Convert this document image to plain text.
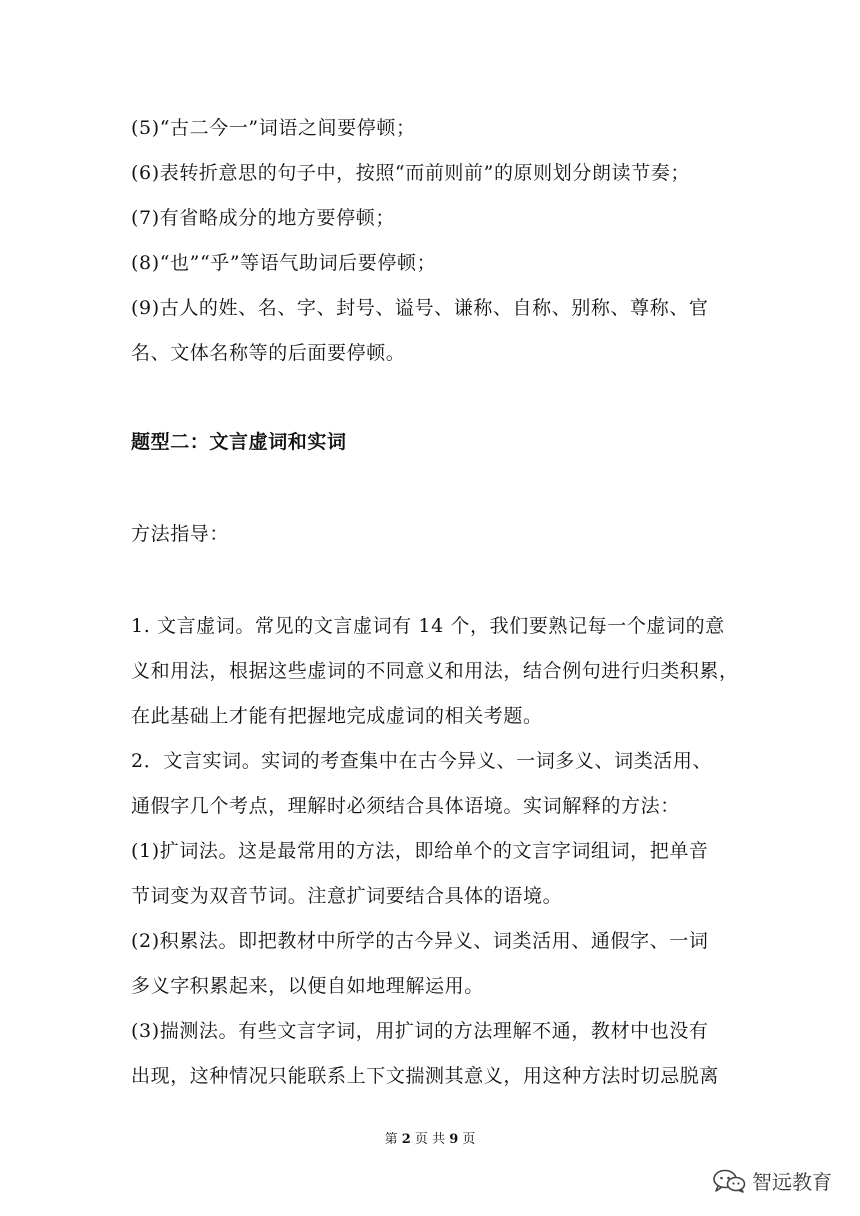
(5)“古二今一”词语之间要停顿；
(6)表转折意思的句子中，按照“而前则前”的原则划分朗读节奏；
(7)有省略成分的地方要停顿；
(8)“也”“乎”等语气助词后要停顿；
(9)古人的姓、名、字、封号、谥号、谦称、自称、别称、尊称、官
名、文体名称等的后面要停顿。
题型二：文言虚词和实词
方法指导：
1. 文言虚词。常见的文言虚词有 14 个，我们要熟记每一个虚词的意
义和用法，根据这些虚词的不同意义和用法，结合例句进行归类积累，
在此基础上才能有把握地完成虚词的相关考题。
2．文言实词。实词的考查集中在古今异义、一词多义、词类活用、
通假字几个考点，理解时必须结合具体语境。实词解释的方法：
(1)扩词法。这是最常用的方法，即给单个的文言字词组词，把单音
节词变为双音节词。注意扩词要结合具体的语境。
(2)积累法。即把教材中所学的古今异义、词类活用、通假字、一词
多义字积累起来，以便自如地理解运用。
(3)揣测法。有些文言字词，用扩词的方法理解不通，教材中也没有
出现，这种情况只能联系上下文揣测其意义，用这种方法时切忌脱离
第 2 页 共 9 页
智远教育
